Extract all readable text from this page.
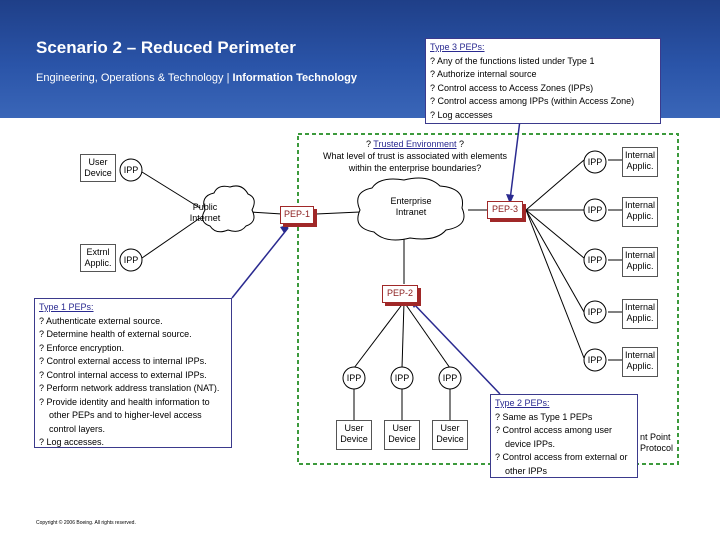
Scenario 2 – Reduced Perimeter
Engineering, Operations & Technology | Information Technology
Type 3 PEPs:
? Any of the functions listed under Type 1
? Authorize internal source
? Control access to Access Zones (IPPs)
? Control access among IPPs (within Access Zone)
? Log accesses
? Trusted Environment ?
What level of trust is associated with elements
within the enterprise boundaries?
User Device	IPP
Extrnl Applic.	IPP
Public Internet	PEP-1	PEP-3
PEP-2
Enterprise Intranet
IPP
Internal Applic.
IPP	Internal Applic.
IPP	Internal Applic.
IPP	Internal Applic.
IPP	Internal Applic.
IPP	IPP	IPP
User Device
User Device
User Device	nt Point
Protocol
Type 1 PEPs:
? Authenticate external source.
? Determine health of external source.
? Enforce encryption.
? Control external access to internal IPPs.
? Control internal access to external IPPs.
? Perform network address translation (NAT).
? Provide identity and health information to other PEPs and to higher-level access control layers.
? Log accesses.
Type 2 PEPs:
? Same as Type 1 PEPs
? Control access among user device IPPs.
? Control access from external or other IPPs
Copyright © 2006 Boeing. All rights reserved.
